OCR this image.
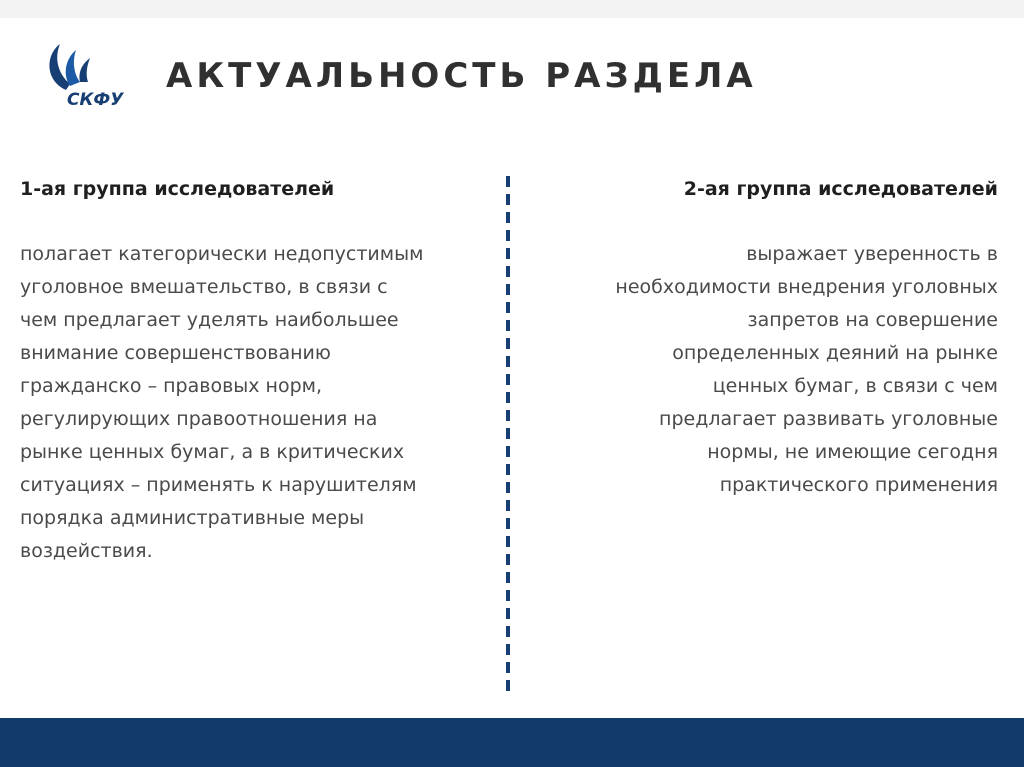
СКФУ
АКТУАЛЬНОСТЬ РАЗДЕЛА
1-ая группа исследователей	2-ая группа исследователей
полагает категорически недопустимым
уголовное вмешательство, в связи с
чем предлагает уделять наибольшее
внимание совершенствованию
гражданско – правовых норм,
регулирующих правоотношения на
рынке ценных бумаг, а в критических
ситуациях – применять к нарушителям
порядка административные меры
воздействия.
выражает уверенность в
необходимости внедрения уголовных
запретов на совершение
определенных деяний на рынке
ценных бумаг, в связи с чем
предлагает развивать уголовные
нормы, не имеющие сегодня
практического применения
